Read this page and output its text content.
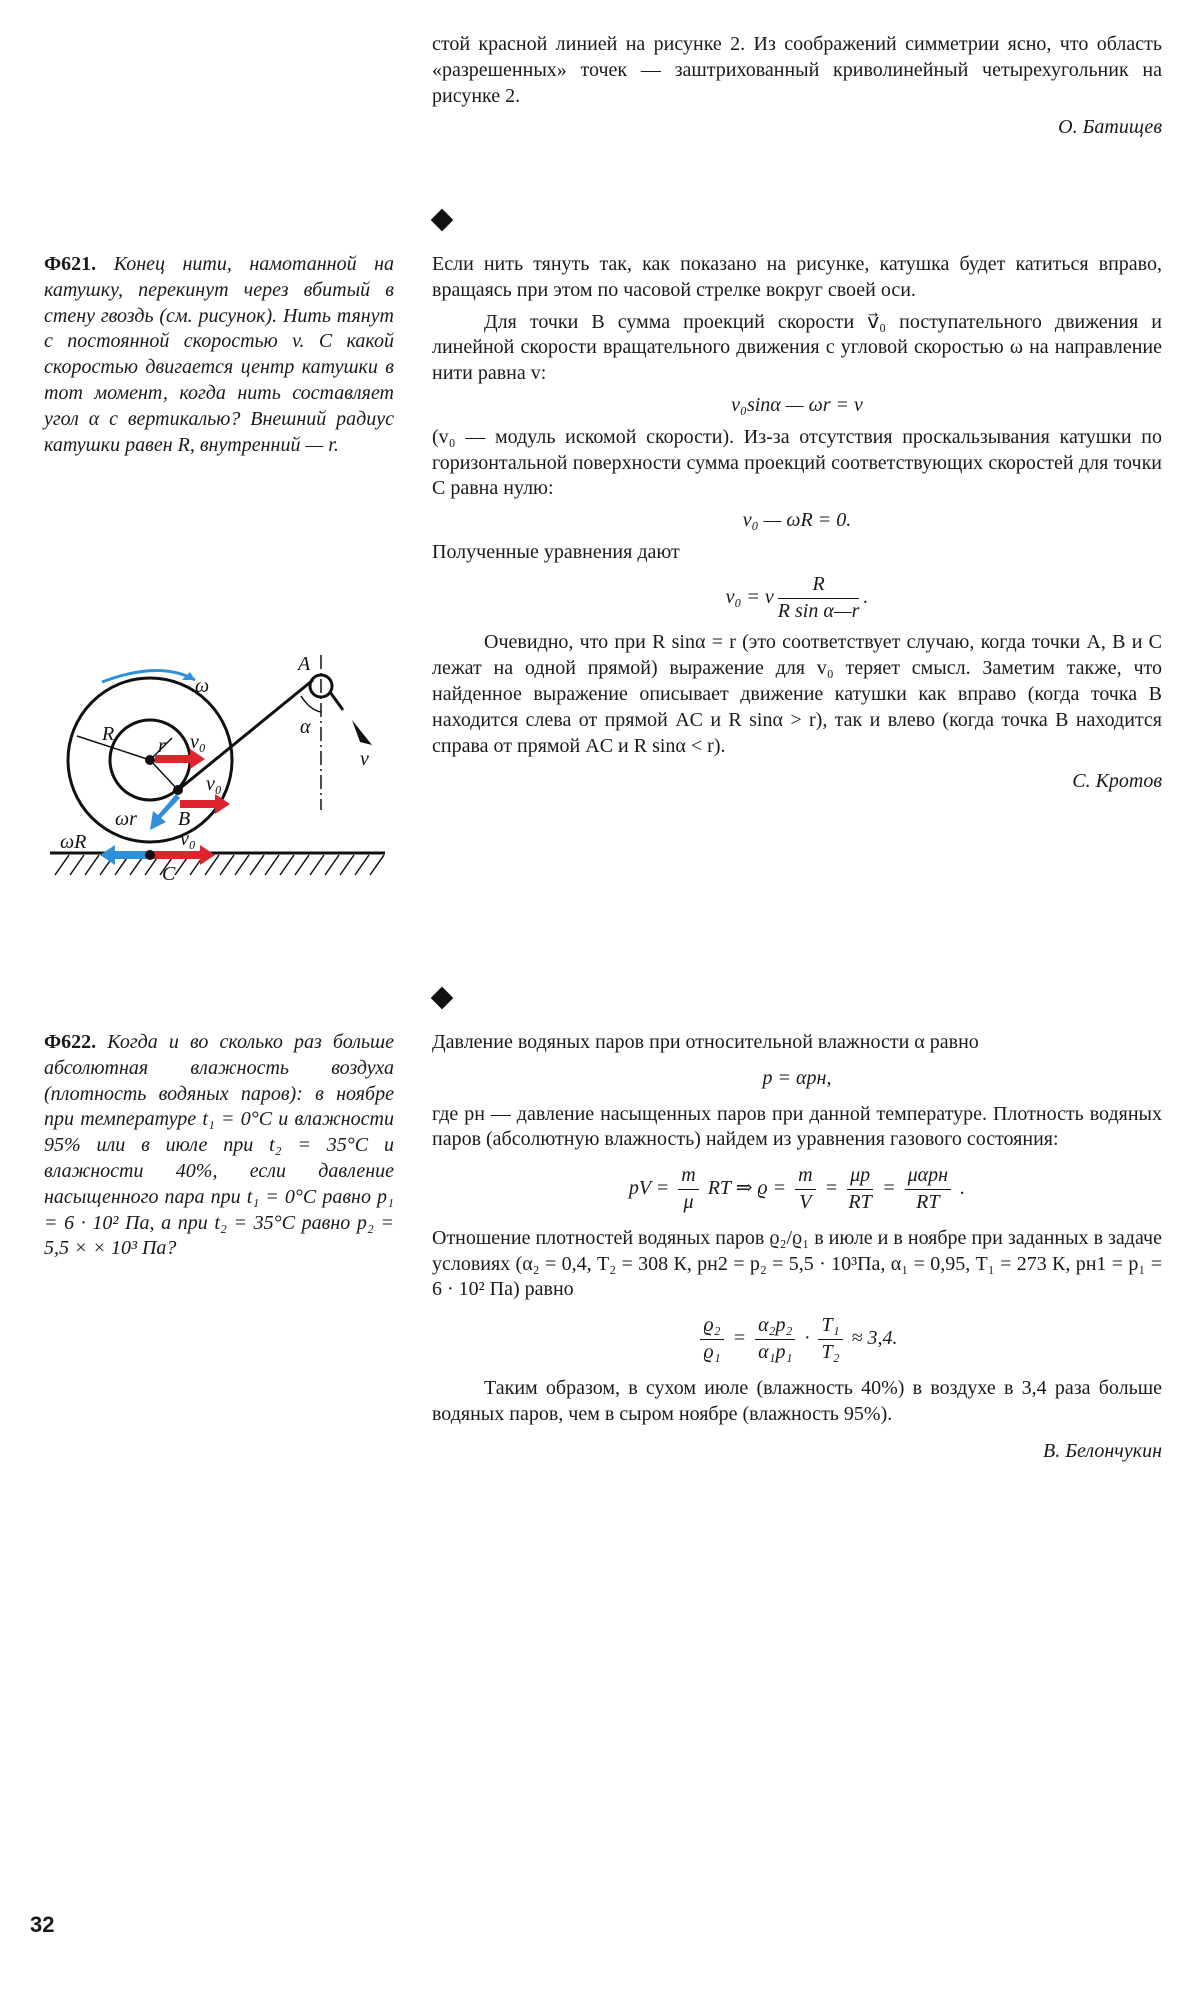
стой красной линией на рисунке 2. Из соображений симметрии ясно, что область «разрешенных» точек — заштрихованный криволинейный четырехугольник на рисунке 2.

О. Батищев

Ф621. Конец нити, намотанной на катушку, перекинут через вбитый в стену гвоздь (см. рисунок). Нить тянут с постоянной скоростью v. С какой скоростью двигается центр катушки в тот момент, когда нить составляет угол α с вертикалью? Внешний радиус катушки равен R, внутренний — r.
ω
R
r v₀
v₀
v₀
B
A
C
α
v
ωr
ωR

Если нить тянуть так, как показано на рисунке, катушка будет катиться вправо, вращаясь при этом по часовой стрелке вокруг своей оси.

Для точки B сумма проекций скорости v⃗₀ поступательного движения и линейной скорости вращательного движения с угловой скоростью ω на направление нити равна v:

v₀sinα — ωr = v

(v₀ — модуль искомой скорости). Из-за отсутствия проскальзывания катушки по горизонтальной поверхности сумма проекций соответствующих скоростей для точки C равна нулю:

v₀ — ωR = 0.

Полученные уравнения дают

v₀ = v $\frac{R}{\text{R sin α—r}}$ .

Очевидно, что при R sinα = r (это соответствует случаю, когда точки A, B и C лежат на одной прямой) выражение для v₀ теряет смысл. Заметим также, что найденное выражение описывает движение катушки как вправо (когда точка B находится слева от прямой AC и R sinα > r), так и влево (когда точка B находится справа от прямой AC и R sinα < r).

С. Кротов

Ф622. Когда и во сколько раз больше абсолютная влажность воздуха (плотность водяных паров): в ноябре при температуре t₁ = 0°C и влажности 95% или в июле при t₂ = 35°C и влажности 40%, если давление насыщенного пара при t₁ = 0°C равно p₁ = 6 · 10² Па, а при t₂ = 35°C равно p₂ = 5,5 × × 10³ Па?

Давление водяных паров при относительной влажности α равно

p = αpн,

где pн — давление насыщенных паров при данной температуре. Плотность водяных паров (абсолютную влажность) найдем из уравнения газового состояния:

pV = $\frac{m}{\mu}$ RT ⇒ $ϱ = \frac{m}{V} = \frac{\mu p}{RT} = \frac{\text{μαpн}}{RT}$ .

Отношение плотностей водяных паров ϱ₂/ϱ₁ в июле и в ноябре при заданных в задаче условиях (α₂ = 0,4, T₂ = 308 К, pн2 = p₂ = 5,5 · 10³Па, α₁ = 0,95, T₁ = 273 К, pн1 = p₁ = 6 · 10² Па) равно

$\frac{\text{ϱ₂}}{\text{ϱ₁}} = \frac{\text{α₂p₂}}{\text{α₁p₁}} \cdot \frac{\text{T₁}}{\text{T₂}} \approx 3,4$.

Таким образом, в сухом июле (влажность 40%) в воздухе в 3,4 раза больше водяных паров, чем в сыром ноябре (влажность 95%).

В. Белончукин

32
